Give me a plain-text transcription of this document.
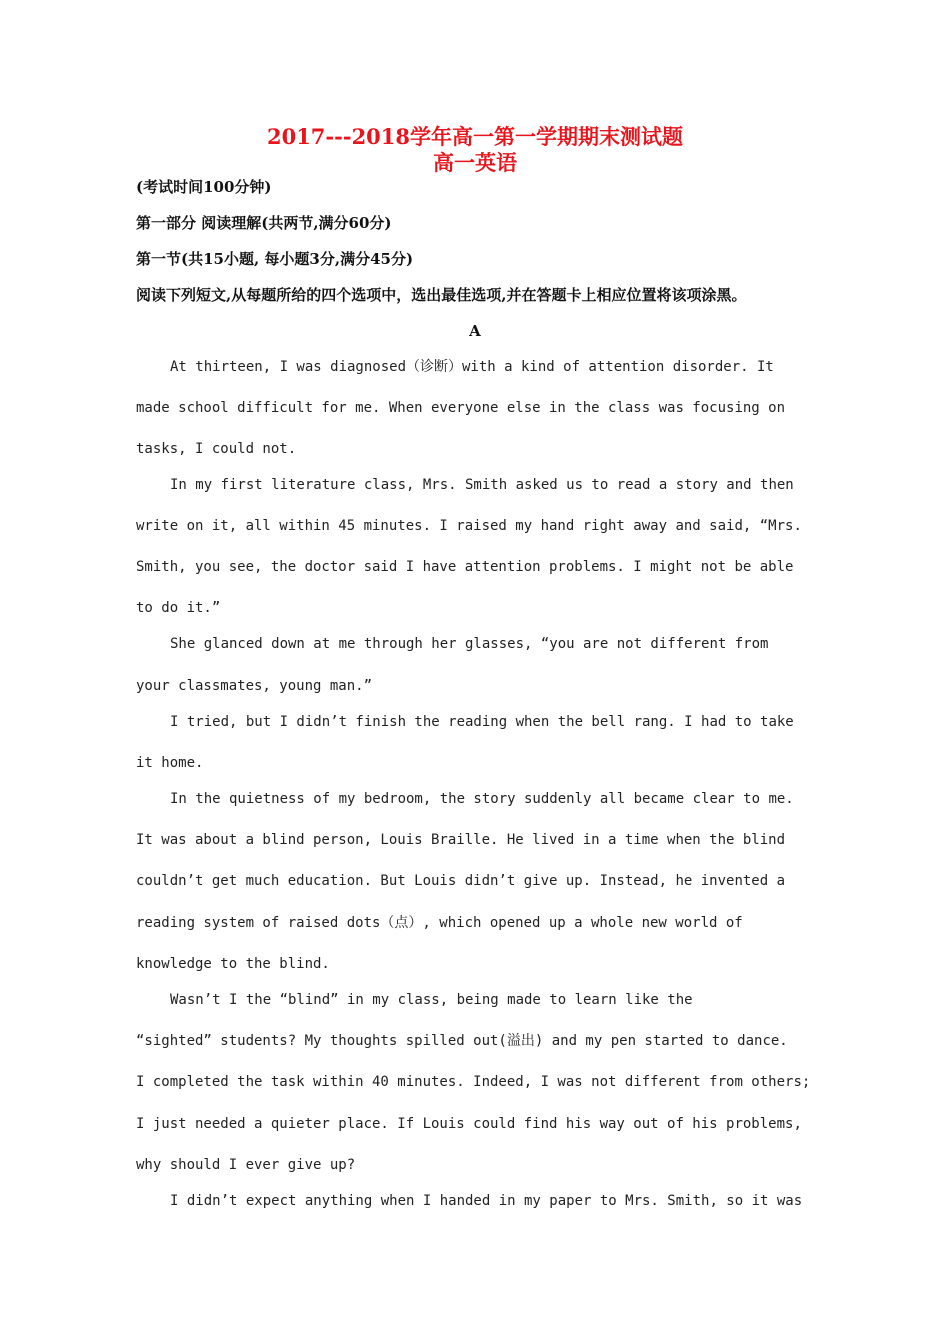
2017---2018学年高一第一学期期末测试题
高一英语
(考试时间100分钟)
第一部分 阅读理解(共两节,满分60分)
第一节(共15小题, 每小题3分,满分45分)
阅读下列短文,从每题所给的四个选项中，选出最佳选项,并在答题卡上相应位置将该项涂黑。
A
At thirteen, I was diagnosed（诊断）with a kind of attention disorder. It
made school difficult for me. When everyone else in the class was focusing on
tasks, I could not.
In my first literature class, Mrs. Smith asked us to read a story and then
write on it, all within 45 minutes. I raised my hand right away and said, “Mrs.
Smith, you see, the doctor said I have attention problems. I might not be able
to do it.”
She glanced down at me through her glasses, “you are not different from
your classmates, young man.”
I tried, but I didn’t finish the reading when the bell rang. I had to take
it home.
In the quietness of my bedroom, the story suddenly all became clear to me.
It was about a blind person, Louis Braille. He lived in a time when the blind
couldn’t get much education. But Louis didn’t give up. Instead, he invented a
reading system of raised dots（点）, which opened up a whole new world of
knowledge to the blind.
Wasn’t I the “blind” in my class, being made to learn like the
“sighted” students? My thoughts spilled out(溢出) and my pen started to dance.
I completed the task within 40 minutes. Indeed, I was not different from others;
I just needed a quieter place. If Louis could find his way out of his problems,
why should I ever give up?
I didn’t expect anything when I handed in my paper to Mrs. Smith, so it was
